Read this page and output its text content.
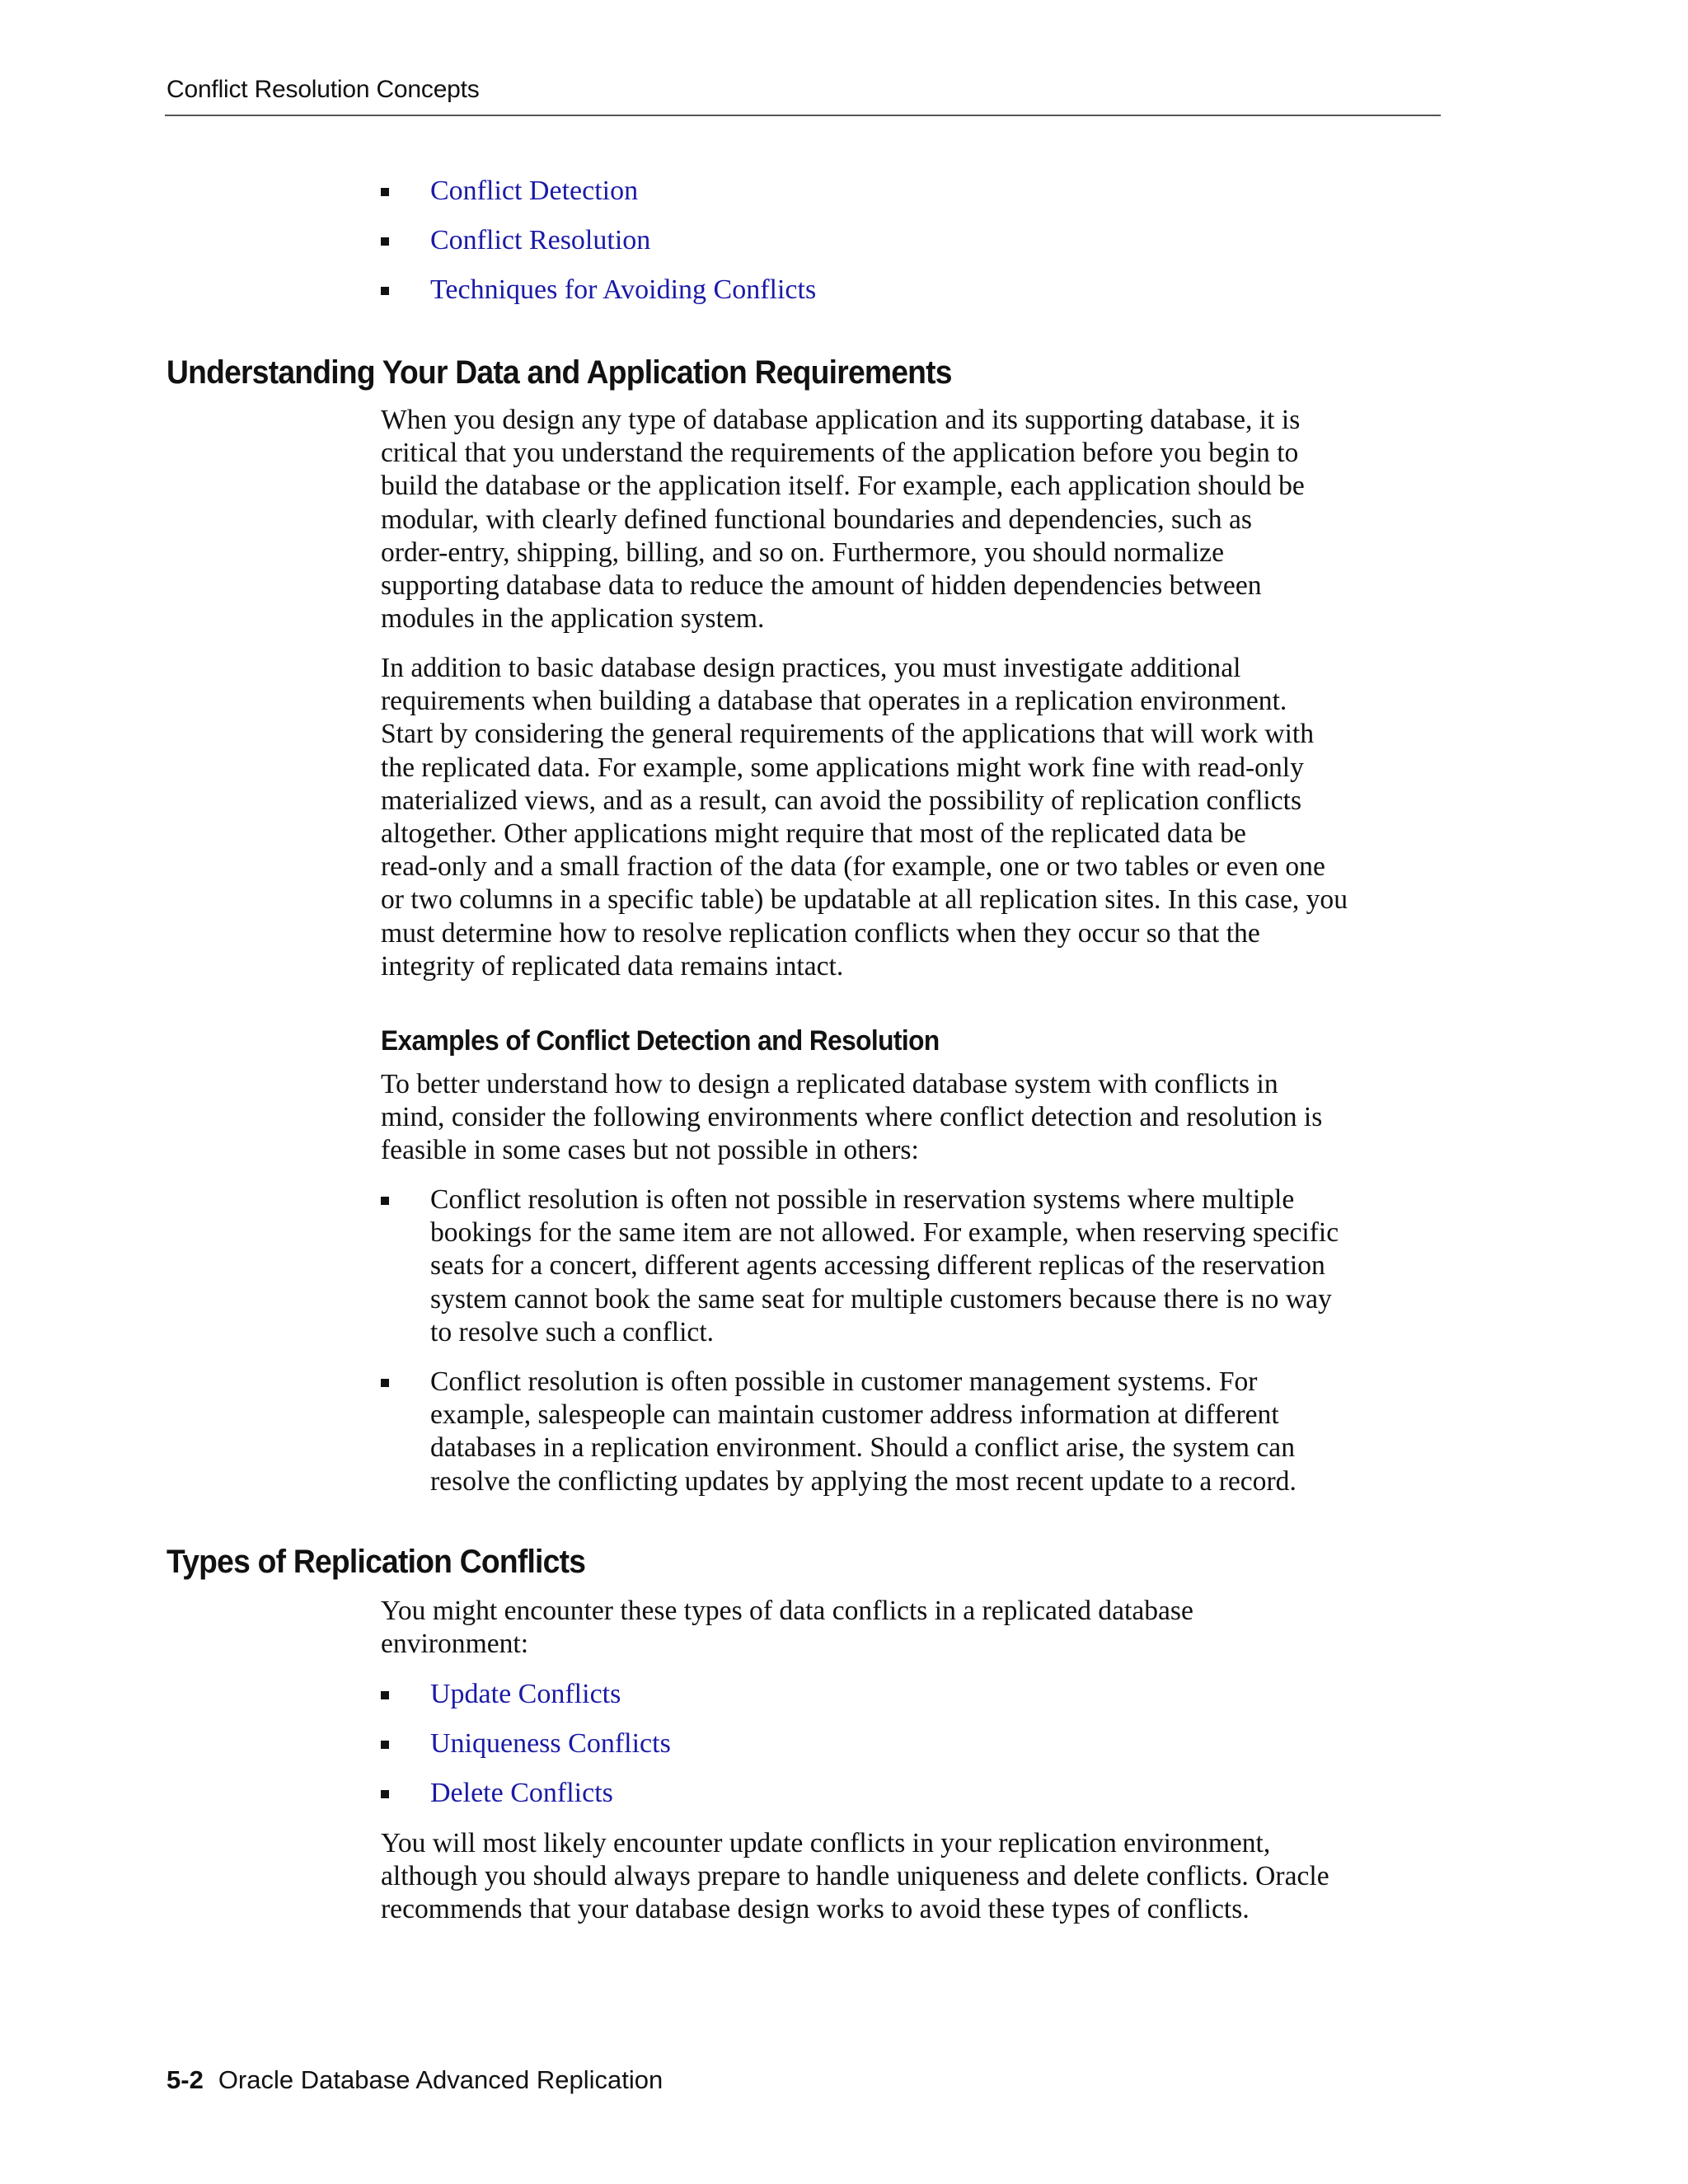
Conflict Resolution Concepts
Conflict Detection
Conflict Resolution
Techniques for Avoiding Conflicts
Understanding Your Data and Application Requirements

When you design any type of database application and its supporting database, it is
critical that you understand the requirements of the application before you begin to
build the database or the application itself. For example, each application should be
modular, with clearly defined functional boundaries and dependencies, such as
order-entry, shipping, billing, and so on. Furthermore, you should normalize
supporting database data to reduce the amount of hidden dependencies between
modules in the application system.

In addition to basic database design practices, you must investigate additional
requirements when building a database that operates in a replication environment.
Start by considering the general requirements of the applications that will work with
the replicated data. For example, some applications might work fine with read-only
materialized views, and as a result, can avoid the possibility of replication conflicts
altogether. Other applications might require that most of the replicated data be
read-only and a small fraction of the data (for example, one or two tables or even one
or two columns in a specific table) be updatable at all replication sites. In this case, you
must determine how to resolve replication conflicts when they occur so that the
integrity of replicated data remains intact.

Examples of Conflict Detection and Resolution

To better understand how to design a replicated database system with conflicts in
mind, consider the following environments where conflict detection and resolution is
feasible in some cases but not possible in others:

Conflict resolution is often not possible in reservation systems where multiple
bookings for the same item are not allowed. For example, when reserving specific
seats for a concert, different agents accessing different replicas of the reservation
system cannot book the same seat for multiple customers because there is no way
to resolve such a conflict.
Conflict resolution is often possible in customer management systems. For
example, salespeople can maintain customer address information at different
databases in a replication environment. Should a conflict arise, the system can
resolve the conflicting updates by applying the most recent update to a record.
Types of Replication Conflicts

You might encounter these types of data conflicts in a replicated database
environment:

Update Conflicts
Uniqueness Conflicts
Delete Conflicts

You will most likely encounter update conflicts in your replication environment,
although you should always prepare to handle uniqueness and delete conflicts. Oracle
recommends that your database design works to avoid these types of conflicts.

5-2 Oracle Database Advanced Replication
